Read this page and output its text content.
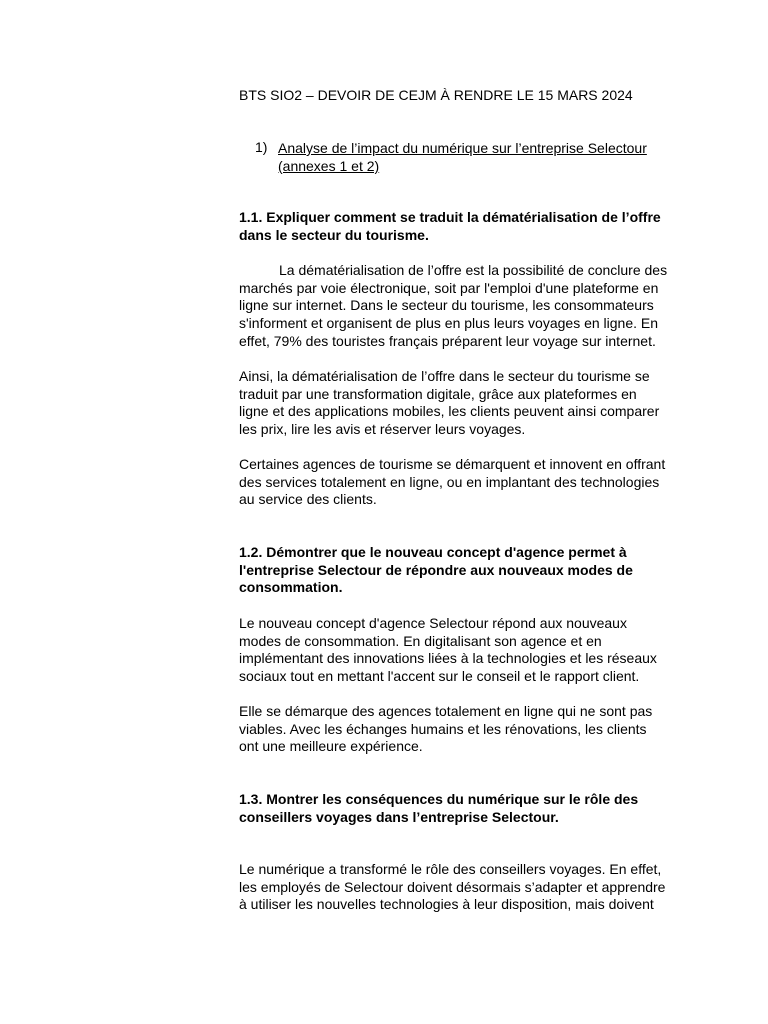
BTS SIO2 – DEVOIR DE CEJM À RENDRE LE 15 MARS 2024
1) Analyse de l’impact du numérique sur l’entreprise Selectour
(annexes 1 et 2)
1.1. Expliquer comment se traduit la dématérialisation de l’offre
dans le secteur du tourisme.
La dématérialisation de l’offre est la possibilité de conclure des
marchés par voie électronique, soit par l'emploi d'une plateforme en
ligne sur internet. Dans le secteur du tourisme, les consommateurs
s'informent et organisent de plus en plus leurs voyages en ligne. En
effet, 79% des touristes français préparent leur voyage sur internet.
Ainsi, la dématérialisation de l’offre dans le secteur du tourisme se
traduit par une transformation digitale, grâce aux plateformes en
ligne et des applications mobiles, les clients peuvent ainsi comparer
les prix, lire les avis et réserver leurs voyages.
Certaines agences de tourisme se démarquent et innovent en offrant
des services totalement en ligne, ou en implantant des technologies
au service des clients.
1.2. Démontrer que le nouveau concept d'agence permet à
l'entreprise Selectour de répondre aux nouveaux modes de
consommation.
Le nouveau concept d'agence Selectour répond aux nouveaux
modes de consommation. En digitalisant son agence et en
implémentant des innovations liées à la technologies et les réseaux
sociaux tout en mettant l'accent sur le conseil et le rapport client.
Elle se démarque des agences totalement en ligne qui ne sont pas
viables. Avec les échanges humains et les rénovations, les clients
ont une meilleure expérience.
1.3. Montrer les conséquences du numérique sur le rôle des
conseillers voyages dans l’entreprise Selectour.
Le numérique a transformé le rôle des conseillers voyages. En effet,
les employés de Selectour doivent désormais s’adapter et apprendre
à utiliser les nouvelles technologies à leur disposition, mais doivent
